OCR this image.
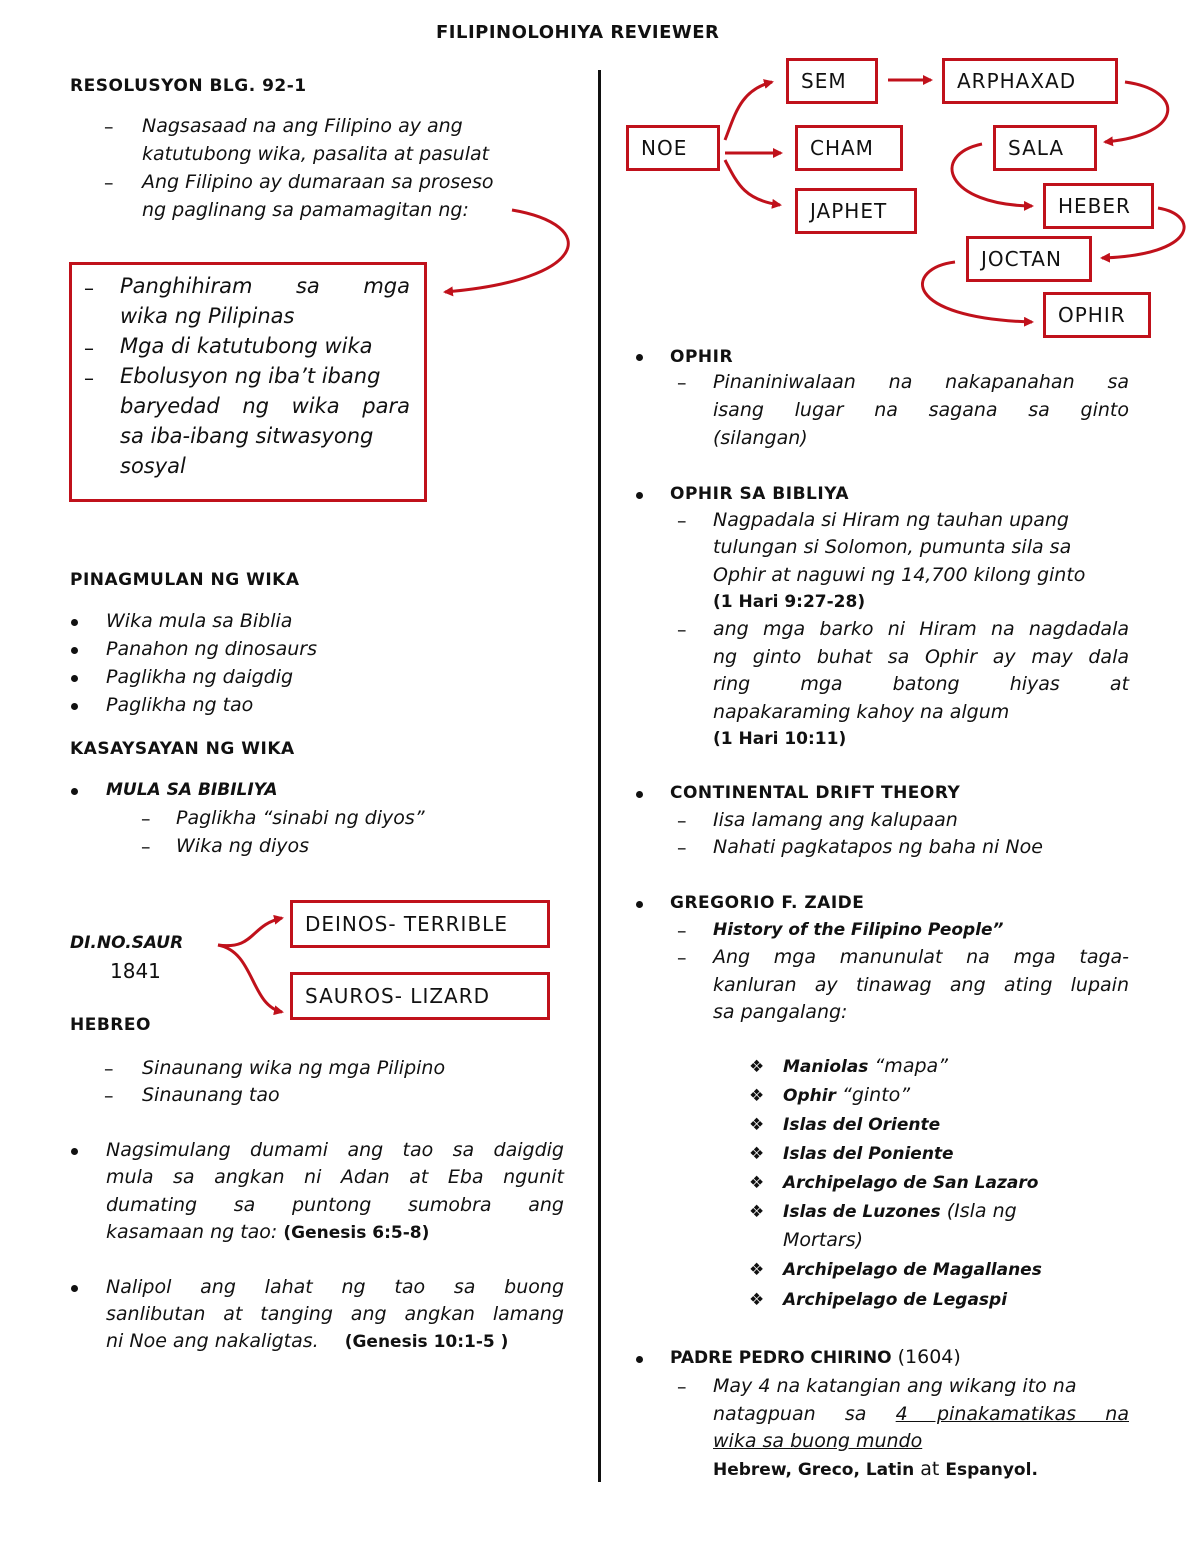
FILIPINOLOHIYA REVIEWER
RESOLUSYON BLG. 92-1
– Nagsasaad na ang Filipino ay ang
katutubong wika, pasalita at pasulat
– Ang Filipino ay dumaraan sa proseso
ng paglinang sa pamamagitan ng:
– Panghihiram sa mga
wika ng Pilipinas
– Mga di katutubong wika
– Ebolusyon ng iba’t ibang
baryedad ng wika para
sa iba-ibang sitwasyong
sosyal
PINAGMULAN NG WIKA
Wika mula sa Biblia
Panahon ng dinosaurs
Paglikha ng daigdig
Paglikha ng tao
KASAYSAYAN NG WIKA
MULA SA BIBILIYA
– Paglikha “sinabi ng diyos”
– Wika ng diyos
DI.NO.SAUR
1841
DEINOS- TERRIBLE
SAUROS- LIZARD
HEBREO
– Sinaunang wika ng mga Pilipino
– Sinaunang tao
Nagsimulang dumami ang tao sa daigdig
mula sa angkan ni Adan at Eba ngunit
dumating sa puntong sumobra ang
kasamaan ng tao: (Genesis 6:5-8)
Nalipol ang lahat ng tao sa buong
sanlibutan at tanging ang angkan lamang
ni Noe ang nakaligtas. (Genesis 10:1-5 )
NOE
SEM	ARPHAXAD
CHAM	SALA
JAPHET	HEBER
JOCTAN
OPHIR
OPHIR
– Pinaniniwalaan na nakapanahan sa
isang lugar na sagana sa ginto
(silangan)
OPHIR SA BIBLIYA
– Nagpadala si Hiram ng tauhan upang
tulungan si Solomon, pumunta sila sa
Ophir at naguwi ng 14,700 kilong ginto
(1 Hari 9:27-28)
– ang mga barko ni Hiram na nagdadala
ng ginto buhat sa Ophir ay may dala
ring	mga	batong	hiyas	at
napakaraming kahoy na algum
(1 Hari 10:11)
CONTINENTAL DRIFT THEORY
– Iisa lamang ang kalupaan
– Nahati pagkatapos ng baha ni Noe
GREGORIO F. ZAIDE
– History of the Filipino People”
– Ang mga manunulat na mga taga-
kanluran ay tinawag ang ating lupain
sa pangalang:
❖ Maniolas “mapa”
❖ Ophir “ginto”
❖ Islas del Oriente
❖ Islas del Poniente
❖ Archipelago de San Lazaro
❖ Islas de Luzones (Isla ng
Mortars)
❖ Archipelago de Magallanes
❖ Archipelago de Legaspi
PADRE PEDRO CHIRINO (1604)
– May 4 na katangian ang wikang ito na
natagpuan sa 4 pinakamatikas na
wika sa buong mundo
Hebrew, Greco, Latin at Espanyol.
